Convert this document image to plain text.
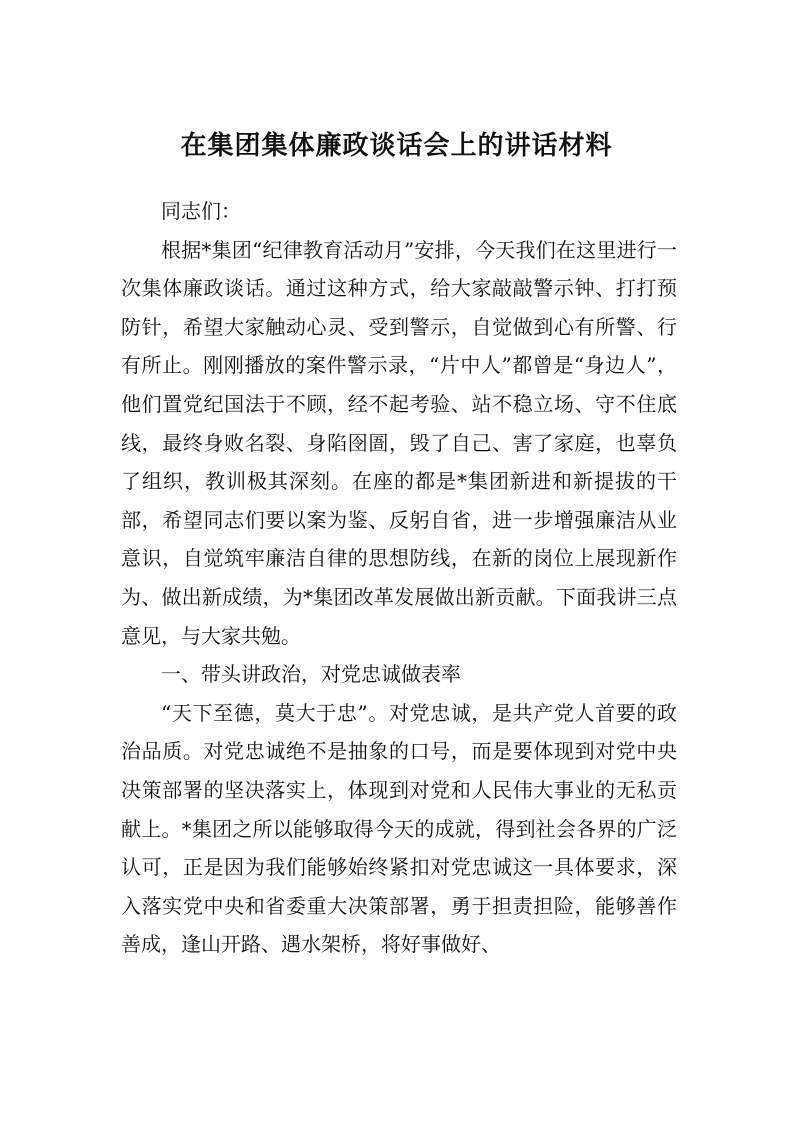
在集团集体廉政谈话会上的讲话材料

同志们：

根据*集团“纪律教育活动月”安排，今天我们在这里进行一次集体廉政谈话。通过这种方式，给大家敲敲警示钟、打打预防针，希望大家触动心灵、受到警示，自觉做到心有所警、行有所止。刚刚播放的案件警示录，“片中人”都曾是“身边人”，他们置党纪国法于不顾，经不起考验、站不稳立场、守不住底线，最终身败名裂、身陷囹圄，毁了自己、害了家庭，也辜负了组织，教训极其深刻。在座的都是*集团新进和新提拔的干部，希望同志们要以案为鉴、反躬自省，进一步增强廉洁从业意识，自觉筑牢廉洁自律的思想防线，在新的岗位上展现新作为、做出新成绩，为*集团改革发展做出新贡献。下面我讲三点意见，与大家共勉。

一、带头讲政治，对党忠诚做表率

“天下至德，莫大于忠”。对党忠诚，是共产党人首要的政治品质。对党忠诚绝不是抽象的口号，而是要体现到对党中央决策部署的坚决落实上，体现到对党和人民伟大事业的无私贡献上。*集团之所以能够取得今天的成就，得到社会各界的广泛认可，正是因为我们能够始终紧扣对党忠诚这一具体要求，深入落实党中央和省委重大决策部署，勇于担责担险，能够善作善成，逢山开路、遇水架桥，将好事做好、
